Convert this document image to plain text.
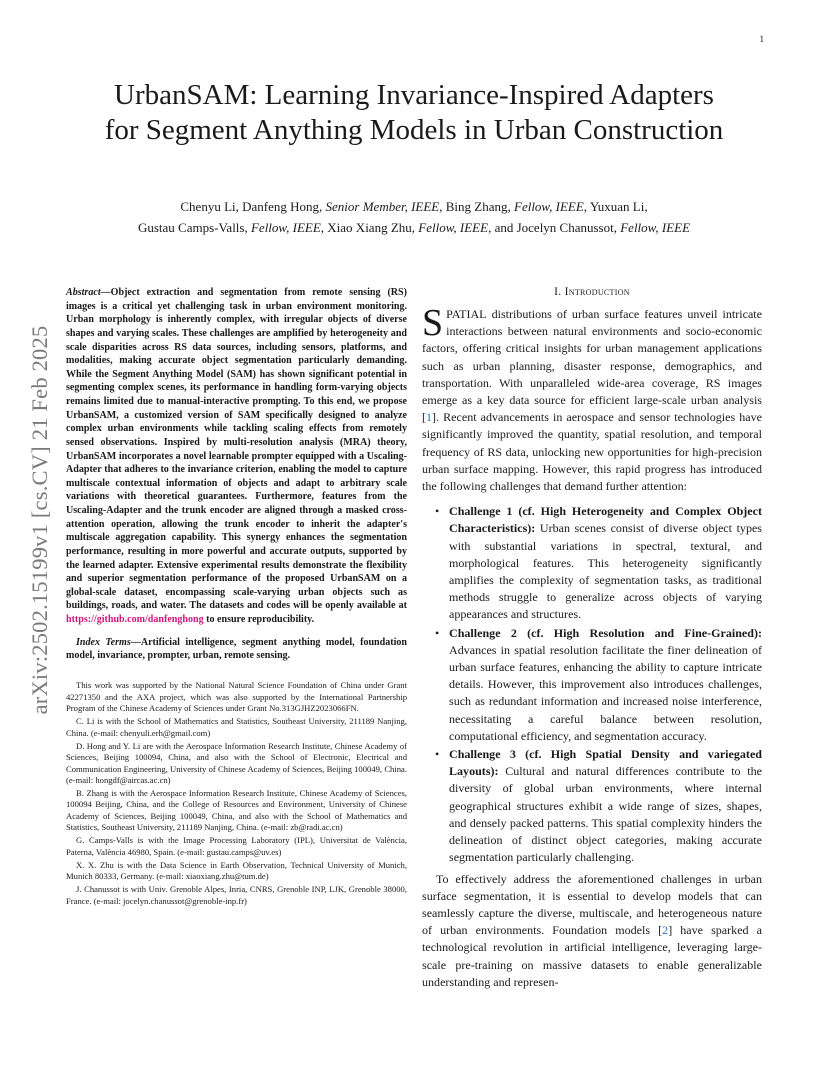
1
arXiv:2502.15199v1 [cs.CV] 21 Feb 2025
UrbanSAM: Learning Invariance-Inspired Adapters for Segment Anything Models in Urban Construction
Chenyu Li, Danfeng Hong, Senior Member, IEEE, Bing Zhang, Fellow, IEEE, Yuxuan Li,
Gustau Camps-Valls, Fellow, IEEE, Xiao Xiang Zhu, Fellow, IEEE, and Jocelyn Chanussot, Fellow, IEEE

Abstract—Object extraction and segmentation from remote sensing (RS) images is a critical yet challenging task in urban environment monitoring. Urban morphology is inherently complex, with irregular objects of diverse shapes and varying scales. These challenges are amplified by heterogeneity and scale disparities across RS data sources, including sensors, platforms, and modalities, making accurate object segmentation particularly demanding. While the Segment Anything Model (SAM) has shown significant potential in segmenting complex scenes, its performance in handling form-varying objects remains limited due to manual-interactive prompting. To this end, we propose UrbanSAM, a customized version of SAM specifically designed to analyze complex urban environments while tackling scaling effects from remotely sensed observations. Inspired by multi-resolution analysis (MRA) theory, UrbanSAM incorporates a novel learnable prompter equipped with a Uscaling-Adapter that adheres to the invariance criterion, enabling the model to capture multiscale contextual information of objects and adapt to arbitrary scale variations with theoretical guarantees. Furthermore, features from the Uscaling-Adapter and the trunk encoder are aligned through a masked cross-attention operation, allowing the trunk encoder to inherit the adapter's multiscale aggregation capability. This synergy enhances the segmentation performance, resulting in more powerful and accurate outputs, supported by the learned adapter. Extensive experimental results demonstrate the flexibility and superior segmentation performance of the proposed UrbanSAM on a global-scale dataset, encompassing scale-varying urban objects such as buildings, roads, and water. The datasets and codes will be openly available at https://github.com/danfenghong to ensure reproducibility.

Index Terms—Artificial intelligence, segment anything model, foundation model, invariance, prompter, urban, remote sensing.

This work was supported by the National Natural Science Foundation of China under Grant 42271350 and the AXA project, which was also supported by the International Partnership Program of the Chinese Academy of Sciences under Grant No.313GJHZ2023066FN.

C. Li is with the School of Mathematics and Statistics, Southeast University, 211189 Nanjing, China. (e-mail: chenyuli.erh@gmail.com)

D. Hong and Y. Li are with the Aerospace Information Research Institute, Chinese Academy of Sciences, Beijing 100094, China, and also with the School of Electronic, Electrical and Communication Engineering, University of Chinese Academy of Sciences, Beijing 100049, China. (e-mail: hongdf@aircas.ac.cn)

B. Zhang is with the Aerospace Information Research Institute, Chinese Academy of Sciences, 100094 Beijing, China, and the College of Resources and Environment, University of Chinese Academy of Sciences, Beijing 100049, China, and also with the School of Mathematics and Statistics, Southeast University, 211189 Nanjing, China. (e-mail: zb@radi.ac.cn)

G. Camps-Valls is with the Image Processing Laboratory (IPL), Universitat de València, Paterna, València 46980, Spain. (e-mail: gustau.camps@uv.es)

X. X. Zhu is with the Data Science in Earth Observation, Technical University of Munich, Munich 80333, Germany. (e-mail: xiaoxiang.zhu@tum.de)

J. Chanussot is with Univ. Grenoble Alpes, Inria, CNRS, Grenoble INP, LJK, Grenoble 38000, France. (e-mail: jocelyn.chanussot@grenoble-inp.fr)

I. Introduction

SPATIAL distributions of urban surface features unveil intricate interactions between natural environments and socio-economic factors, offering critical insights for urban management applications such as urban planning, disaster response, demographics, and transportation. With unparalleled wide-area coverage, RS images emerge as a key data source for efficient large-scale urban analysis [1]. Recent advancements in aerospace and sensor technologies have significantly improved the quantity, spatial resolution, and temporal frequency of RS data, unlocking new opportunities for high-precision urban surface mapping. However, this rapid progress has introduced the following challenges that demand further attention:

• Challenge 1 (cf. High Heterogeneity and Complex Object Characteristics): Urban scenes consist of diverse object types with substantial variations in spectral, textural, and morphological features. This heterogeneity significantly amplifies the complexity of segmentation tasks, as traditional methods struggle to generalize across objects of varying appearances and structures.
• Challenge 2 (cf. High Resolution and Fine-Grained): Advances in spatial resolution facilitate the finer delineation of urban surface features, enhancing the ability to capture intricate details. However, this improvement also introduces challenges, such as redundant information and increased noise interference, necessitating a careful balance between resolution, computational efficiency, and segmentation accuracy.
• Challenge 3 (cf. High Spatial Density and variegated Layouts): Cultural and natural differences contribute to the diversity of global urban environments, where internal geographical structures exhibit a wide range of sizes, shapes, and densely packed patterns. This spatial complexity hinders the delineation of distinct object categories, making accurate segmentation particularly challenging.

To effectively address the aforementioned challenges in urban surface segmentation, it is essential to develop models that can seamlessly capture the diverse, multiscale, and heterogeneous nature of urban environments. Foundation models [2] have sparked a technological revolution in artificial intelligence, leveraging large-scale pre-training on massive datasets to enable generalizable understanding and represen-
